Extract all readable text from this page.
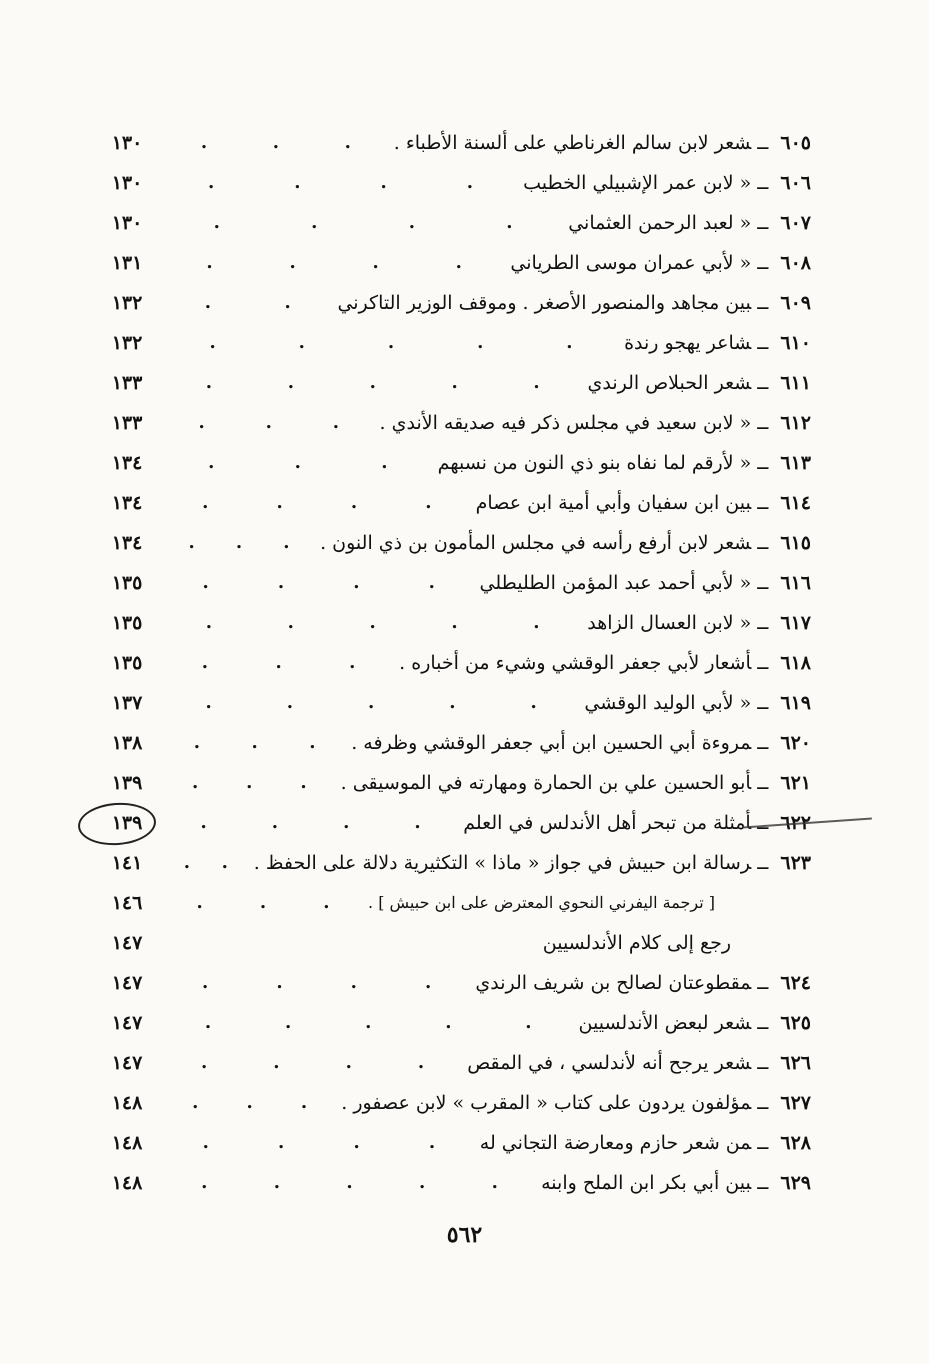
١٣٠	.	.	.	٦٠٥ــشعر لابن سالم الغرناطي على ألسنة الأطباء .
١٣٠	.	.	.	.	٦٠٦ــ« لابن عمر الإشبيلي الخطيب
١٣٠	.	.	.	.	٦٠٧ــ« لعبد الرحمن العثماني
١٣١	.	.	.	.	٦٠٨ــ« لأبي عمران موسى الطرياني
١٣٢	.	.	٦٠٩ــبين مجاهد والمنصور الأصغر . وموقف الوزير التاكرني
١٣٢	.	.	.	.	.	٦١٠ــشاعر يهجو رندة
١٣٣	.	.	.	.	.	٦١١ــشعر الحبلاص الرندي
١٣٣	.	.	.	٦١٢ــ« لابن سعيد في مجلس ذكر فيه صديقه الأندي .
١٣٤	.	.	.	٦١٣ــ« لأرقم لما نفاه بنو ذي النون من نسبهم
١٣٤	.	.	.	.	٦١٤ــبين ابن سفيان وأبي أمية ابن عصام
١٣٤	. . .	٦١٥ــشعر لابن أرفع رأسه في مجلس المأمون بن ذي النون .
١٣٥	.	.	.	.	٦١٦ــ« لأبي أحمد عبد المؤمن الطليطلي
١٣٥	.	.	.	.	.	٦١٧ــ« لابن العسال الزاهد
١٣٥	.	.	.	٦١٨ــأشعار لأبي جعفر الوقشي وشيء من أخباره .
١٣٧	.	.	.	.	.	٦١٩ــ« لأبي الوليد الوقشي
١٣٨	.	.	.	٦٢٠ــمروءة أبي الحسين ابن أبي جعفر الوقشي وظرفه .
١٣٩	.	.	.	٦٢١ــأبو الحسين علي بن الحمارة ومهارته في الموسيقى .
١٣٩	.	.	.	.	ــأمثلة من تبحر أهل الأندلس في العلم
١٤١	. .	٦٢٣ــرسالة ابن حبيش في جواز « ماذا » التكثيرية دلالة على الحفظ .
١٤٦	.	.	. [ ترجمة اليفرني النحوي المعترض على ابن حبيش ] .
١٤٧	رجع إلى كلام الأندلسيين
١٤٧	.	.	.	.	٦٢٤ــمقطوعتان لصالح بن شريف الرندي
١٤٧	.	.	.	.	.	٦٢٥ــشعر لبعض الأندلسيين
١٤٧	.	.	.	.	٦٢٦ــشعر يرجح أنه لأندلسي ، في المقص
١٤٨	.	.	.	٦٢٧ــمؤلفون يردون على كتاب « المقرب » لابن عصفور .
١٤٨	.	.	.	.	٦٢٨ــمن شعر حازم ومعارضة التجاني له
١٤٨	.	.	.	.	.	٦٢٩ــبين أبي بكر ابن الملح وابنه
٥٦٢
